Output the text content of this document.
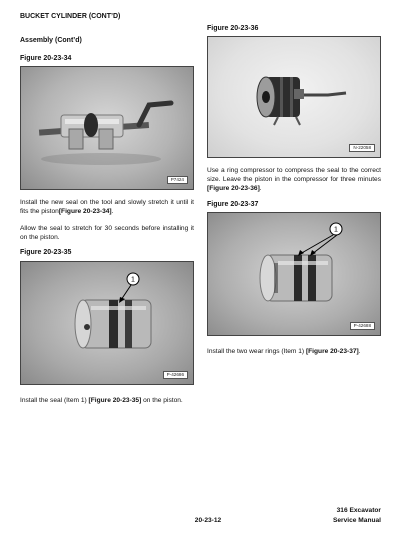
BUCKET CYLINDER (CONT’D)
Assembly (Cont’d)
Figure 20-23-34
P7424
Install the new seal on the tool and slowly stretch it until it fits the piston[Figure 20-23-34].
Allow the seal to stretch for 30 seconds before installing it on the piston.
Figure 20-23-35
1
P-42686
Install the seal (Item 1) [Figure 20-23-35] on the piston.
Figure 20-23-36
N-22058
Use a ring compressor to compress the seal to the correct size. Leave the piston in the compressor for three minutes [Figure 20-23-36].
Figure 20-23-37
1
P-42688
Install the two wear rings (Item 1) [Figure 20-23-37].
20-23-12
316 Excavator
Service Manual
